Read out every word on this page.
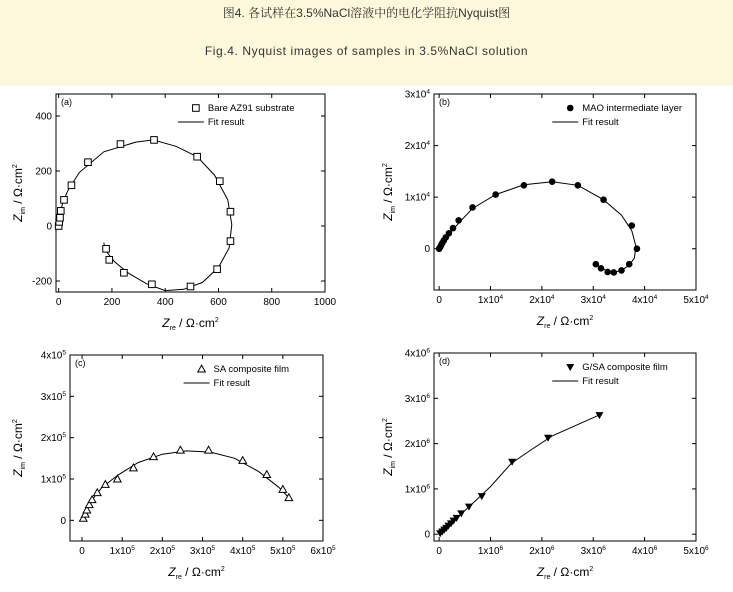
图4. 各试样在3.5%NaCl溶液中的电化学阻抗Nyquist图
Fig.4. Nyquist images of samples in 3.5%NaCl solution
0	200	400	600	800	1000
-200
0
200
400
(a)
$Z_{re} / \Omega\cdot cm^2$
$Z_{im} / \Omega\cdot cm^2$
Bare AZ91 substrate
Fit result
0	$1x10^4$	$2x10^4$	$3x10^4$	$4x10^4$	$5x10^4$
0
$1x10^4$
$2x10^4$
$3x10^4$
(b)
$Z_{re} / \Omega\cdot cm^2$
$Z_{im} / \Omega\cdot cm^2$
MAO intermediate layer
Fit result
0 $1x10^5$ $2x10^5$ $3x10^5$ $4x10^5$ $5x10^5$ $6x10^5$
0
$1x10^5$
$2x10^5$
$3x10^5$
$4x10^5$
(c)
$Z_{re} / \Omega\cdot cm^2$
$Z_{im} / \Omega\cdot cm^2$
SA composite film
Fit result
0	$1x10^6$	$2x10^6$	$3x10^6$	$4x10^6$	$5x10^6$
0
$1x10^6$
$2x10^6$
$3x10^6$
$4x10^6$
(d)
$Z_{re} / \Omega\cdot cm^2$
$Z_{im} / \Omega\cdot cm^2$
G/SA composite film
Fit result
